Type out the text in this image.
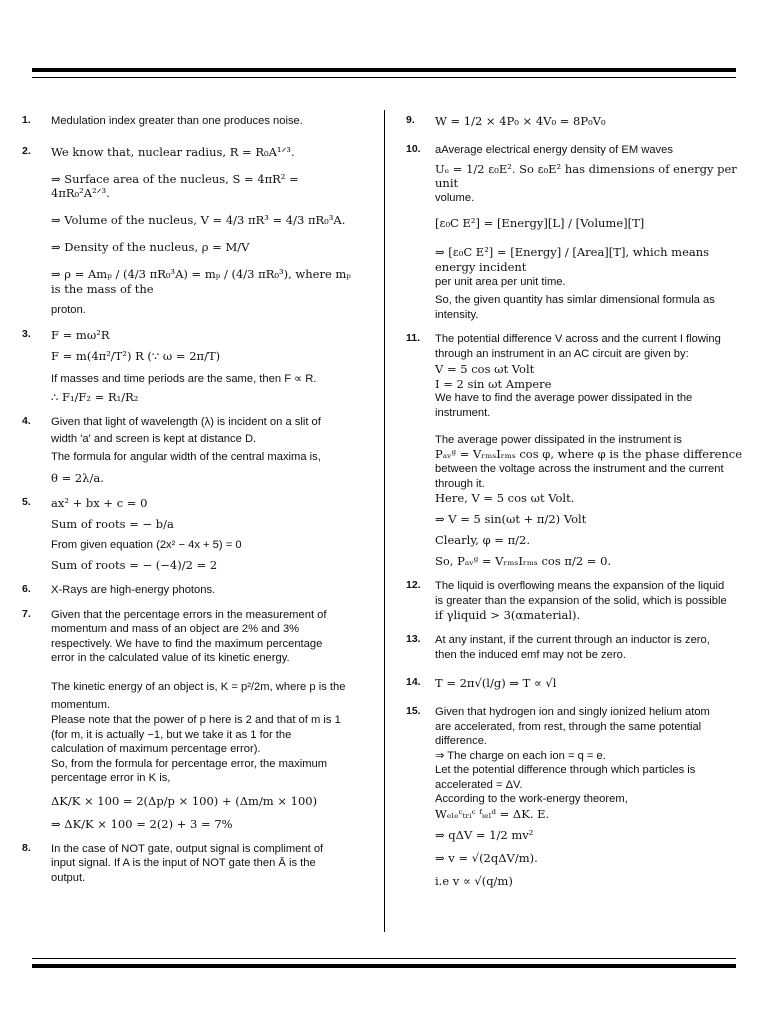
1. Medulation index greater than one produces noise.
2. We know that, nuclear radius, R = R₀A¹ᐟ³.
⇒ Surface area of the nucleus, S = 4πR² = 4πR₀²A²ᐟ³.
⇒ Volume of the nucleus, V = 4/3 πR³ = 4/3 πR₀³A.
⇒ Density of the nucleus, ρ = M/V
⇒ ρ = Amₚ / (4/3 πR₀³A) = mₚ / (4/3 πR₀³), where mₚ is the mass of the
proton.
3. F = mω²R
F = m(4π²/T²) R (∵ ω = 2π/T)
If masses and time periods are the same, then F ∝ R.
∴ F₁/F₂ = R₁/R₂
4. Given that light of wavelength (λ) is incident on a slit of
width 'a' and screen is kept at distance D.
The formula for angular width of the central maxima is,
θ = 2λ/a.
5. ax² + bx + c = 0
Sum of roots = − b/a
From given equation (2x² − 4x + 5) = 0
Sum of roots = − (−4)/2 = 2
6. X-Rays are high-energy photons.
7. Given that the percentage errors in the measurement of
momentum and mass of an object are 2% and 3%
respectively. We have to find the maximum percentage
error in the calculated value of its kinetic energy.
The kinetic energy of an object is, K = p²/2m, where p is the
momentum.
Please note that the power of p here is 2 and that of m is 1
(for m, it is actually −1, but we take it as 1 for the
calculation of maximum percentage error).
So, from the formula for percentage error, the maximum
percentage error in K is,
ΔK/K × 100 = 2(Δp/p × 100) + (Δm/m × 100)
⇒ ΔK/K × 100 = 2(2) + 3 = 7%
8. In the case of NOT gate, output signal is compliment of
input signal. If A is the input of NOT gate then Ā is the
output.
9. W = 1/2 × 4P₀ × 4V₀ = 8P₀V₀
10. aAverage electrical energy density of EM waves
Uₑ = 1/2 ε₀E². So ε₀E² has dimensions of energy per unit
volume.
[ε₀C E²] = [Energy][L] / [Volume][T]
⇒ [ε₀C E²] = [Energy] / [Area][T], which means energy incident
per unit area per unit time.
So, the given quantity has simlar dimensional formula as
intensity.
11. The potential difference V across and the current I flowing
through an instrument in an AC circuit are given by:
V = 5 cos ωt Volt
I = 2 sin ωt Ampere
We have to find the average power dissipated in the
instrument.
The average power dissipated in the instrument is
Pₐᵥᵍ = VᵣₘₛIᵣₘₛ cos φ, where φ is the phase difference
between the voltage across the instrument and the current
through it.
Here, V = 5 cos ωt Volt.
⇒ V = 5 sin(ωt + π/2) Volt
Clearly, φ = π/2.
So, Pₐᵥᵍ = VᵣₘₛIᵣₘₛ cos π/2 = 0.
12. The liquid is overflowing means the expansion of the liquid
is greater than the expansion of the solid, which is possible
if γliquid > 3(αmaterial).
13. At any instant, if the current through an inductor is zero,
then the induced emf may not be zero.
14. T = 2π√(l/g) ⇒ T ∝ √l
15. Given that hydrogen ion and singly ionized helium atom
are accelerated, from rest, through the same potential
difference.
⇒ The charge on each ion = q = e.
Let the potential difference through which particles is
accelerated = ΔV.
According to the work-energy theorem,
Wₑₗₑᶜₜᵣᵢᶜ ᶠᵢₑₗᵈ = ΔK. E.
⇒ qΔV = 1/2 mv²
⇒ v = √(2qΔV/m).
i.e v ∝ √(q/m)
